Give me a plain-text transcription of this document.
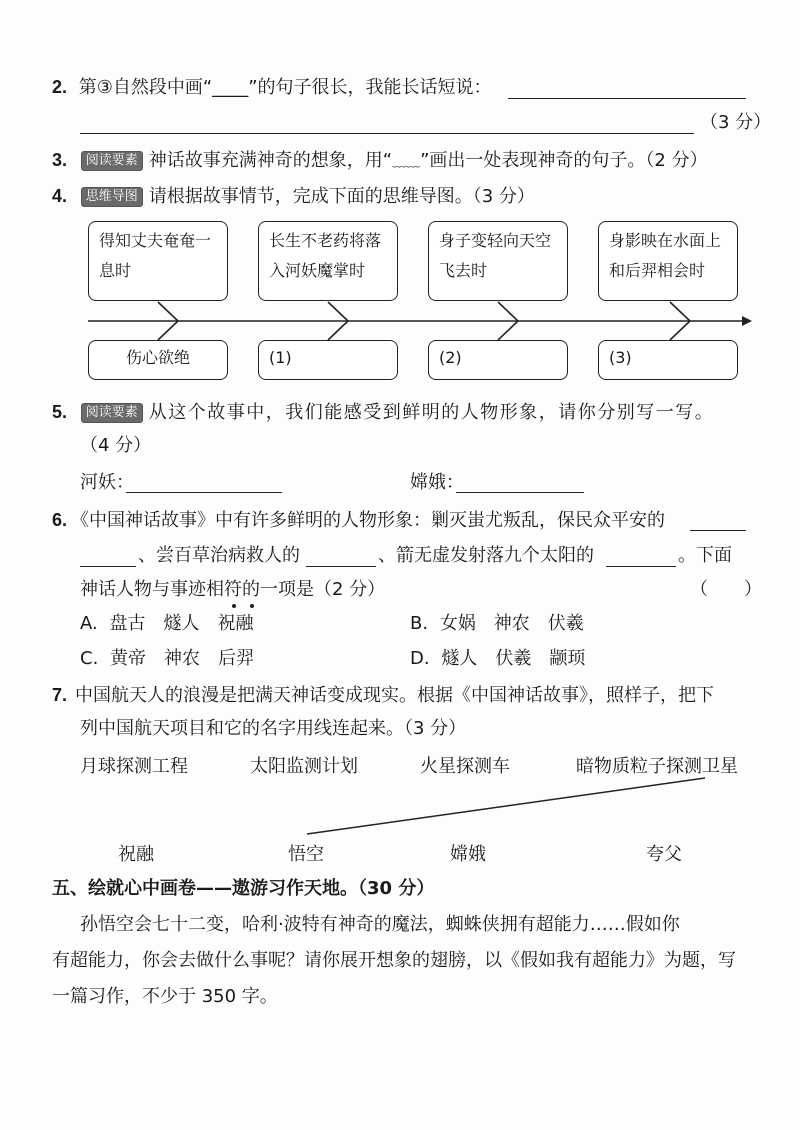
2. 第③自然段中画“____”的句子很长，我能长话短说：
（3 分）
3. 阅读要素 神话故事充满神奇的想象，用“﹏﹏”画出一处表现神奇的句子。（2 分）
4. 思维导图 请根据故事情节，完成下面的思维导图。（3 分）
得知丈夫奄奄一
息时
长生不老药将落
入河妖魔掌时
身子变轻向天空
飞去时
身影映在水面上
和后羿相会时
伤心欲绝	(1)	(2)	(3)
5. 阅读要素 从这个故事中，我们能感受到鲜明的人物形象，请你分别写一写。
（4 分）
河妖：	嫦娥：
6. 《中国神话故事》中有许多鲜明的人物形象：剿灭蚩尤叛乱，保民众平安的
、尝百草治病救人的	、箭无虚发射落九个太阳的	。下面
神话人物与事迹相符的一项是（2 分）	（　　）
A. 盘古　燧人　祝融	B. 女娲　神农　伏羲
C. 黄帝　神农　后羿	D. 燧人　伏羲　颛顼
7. 中国航天人的浪漫是把满天神话变成现实。根据《中国神话故事》，照样子，把下
列中国航天项目和它的名字用线连起来。（3 分）
月球探测工程	太阳监测计划	火星探测车	暗物质粒子探测卫星
祝融	悟空	嫦娥	夸父
五、绘就心中画卷——遨游习作天地。（30 分）
孙悟空会七十二变，哈利·波特有神奇的魔法，蜘蛛侠拥有超能力……假如你
有超能力，你会去做什么事呢？请你展开想象的翅膀，以《假如我有超能力》为题，写
一篇习作，不少于 350 字。
